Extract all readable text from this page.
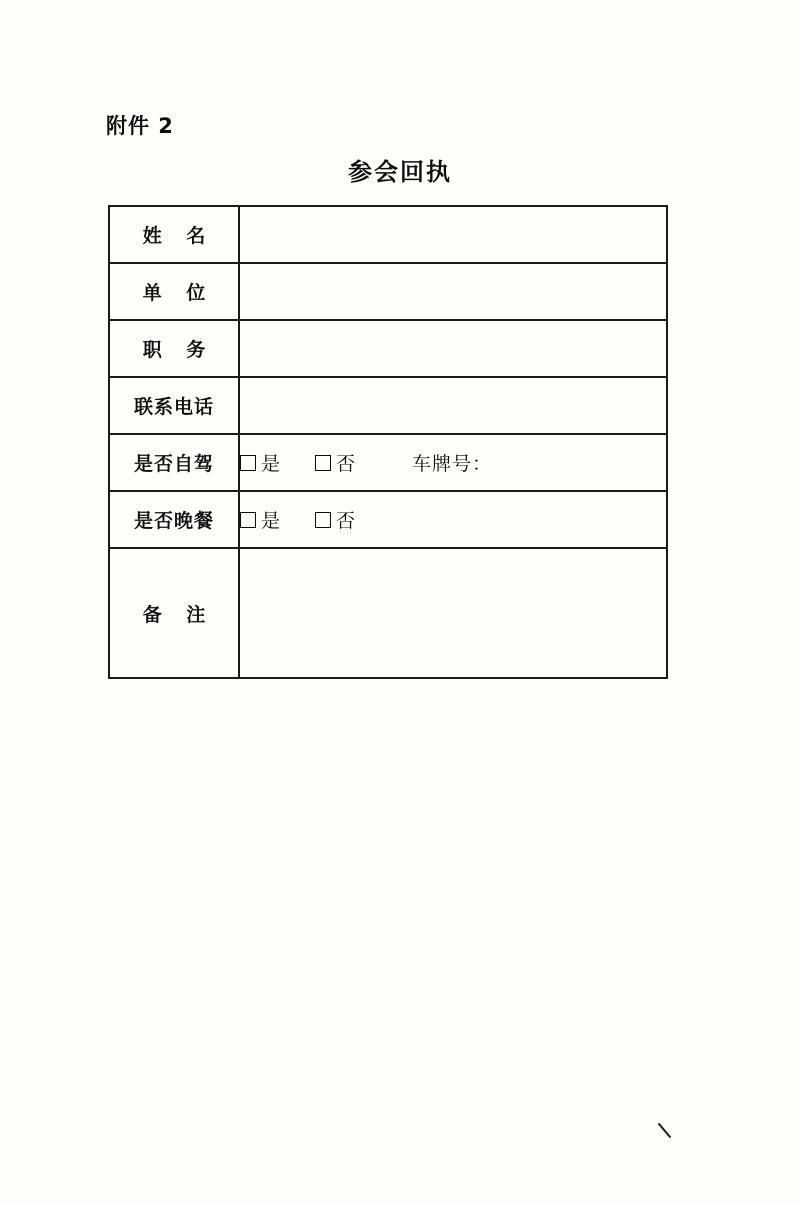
附件 2
参会回执
姓 名	
单 位	
职 务	
联系电话	
是否自驾	是 否 车牌号：

是否晚餐	是 否

备 注	
